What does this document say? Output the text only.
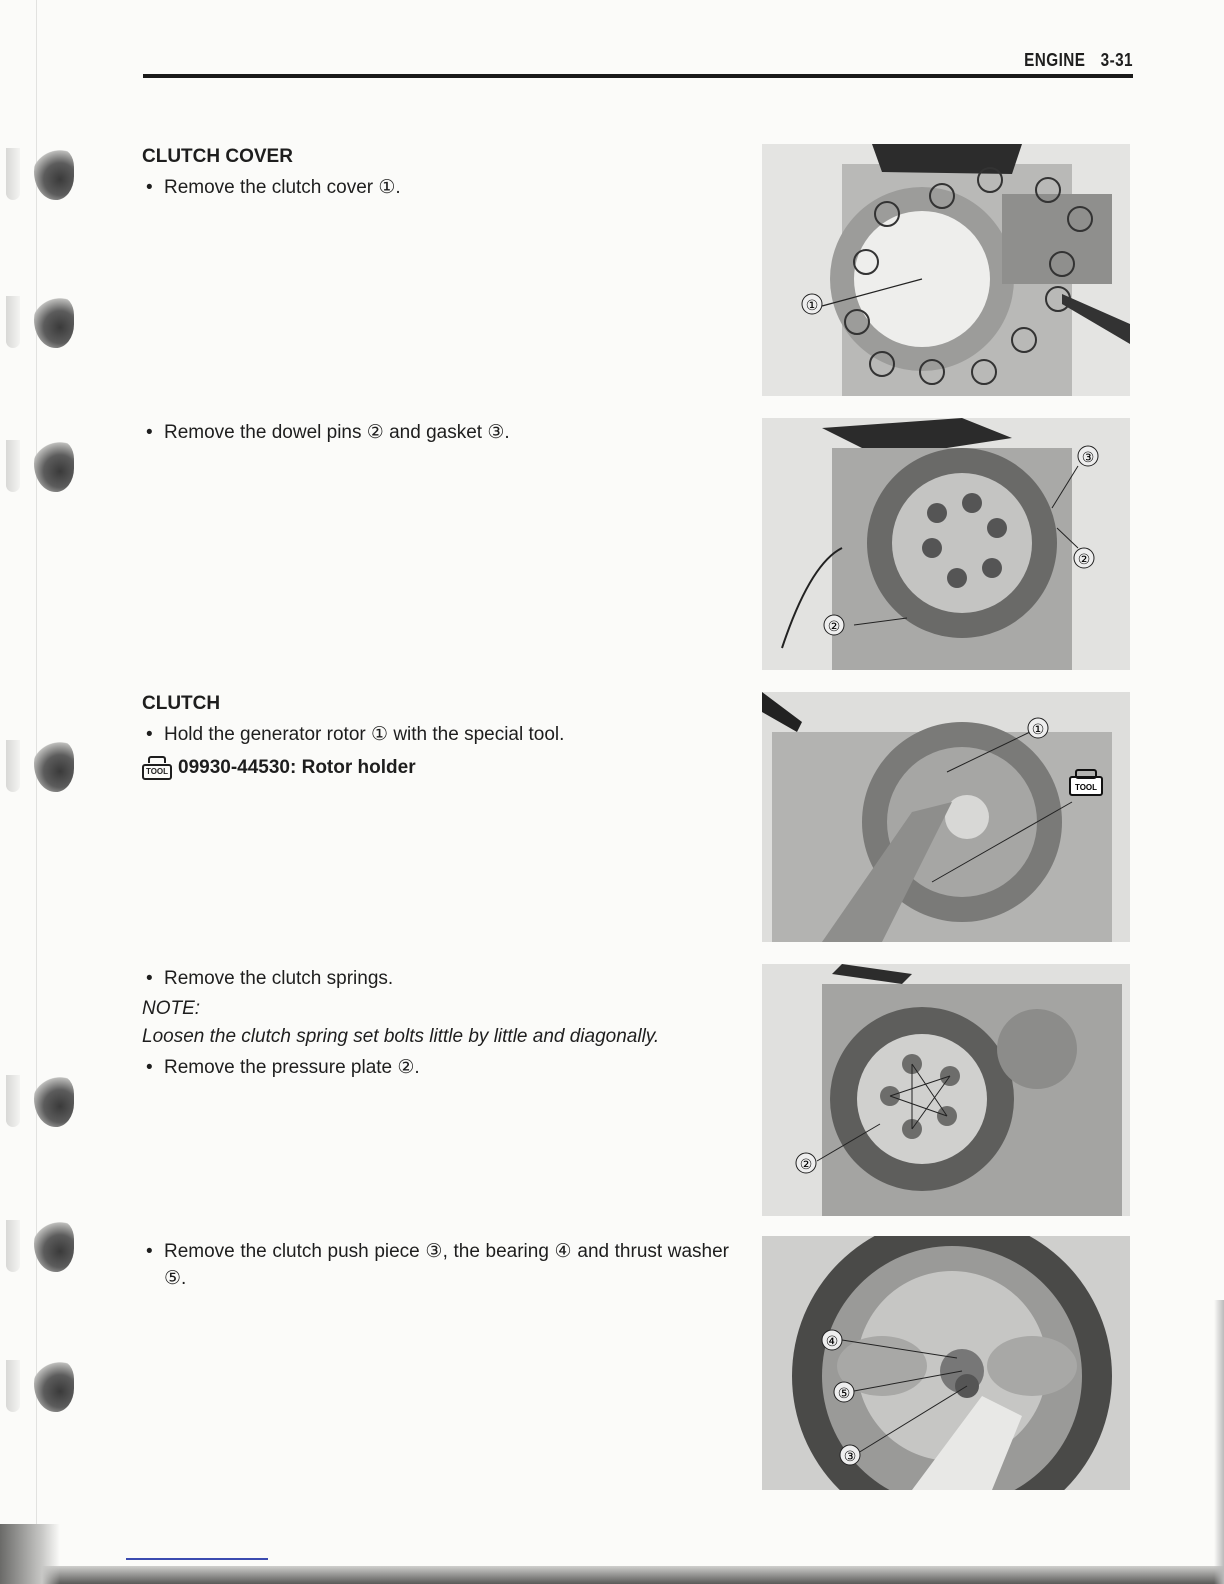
ENGINE 3-31
CLUTCH COVER
• Remove the clutch cover ①.
• Remove the dowel pins ② and gasket ③.
CLUTCH
• Hold the generator rotor ① with the special tool.
TOOL 09930-44530: Rotor holder
• Remove the clutch springs.
NOTE:
Loosen the clutch spring set bolts little by little and diagonally.
• Remove the pressure plate ②.
• Remove the clutch push piece ③, the bearing ④ and thrust washer ⑤.
①
③
②
②
①
TOOL
②
④
⑤
③
